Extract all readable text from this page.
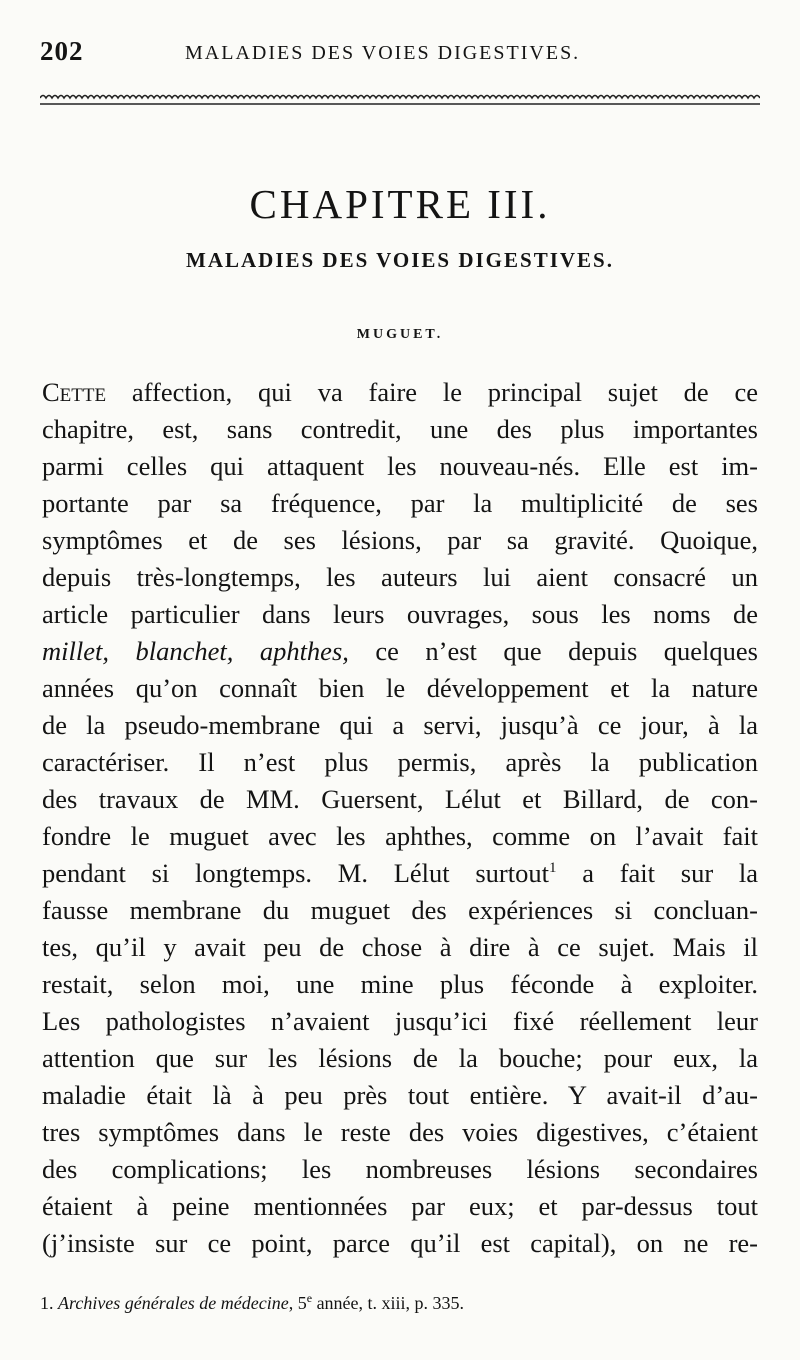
202	MALADIES DES VOIES DIGESTIVES.
CHAPITRE III.
MALADIES DES VOIES DIGESTIVES.
MUGUET.
Cette affection, qui va faire le principal sujet de ce
chapitre, est, sans contredit, une des plus importantes
parmi celles qui attaquent les nouveau-nés. Elle est im-
portante par sa fréquence, par la multiplicité de ses
symptômes et de ses lésions, par sa gravité. Quoique,
depuis très-longtemps, les auteurs lui aient consacré un
article particulier dans leurs ouvrages, sous les noms de
millet, blanchet, aphthes, ce n’est que depuis quelques
années qu’on connaît bien le développement et la nature
de la pseudo-membrane qui a servi, jusqu’à ce jour, à la
caractériser. Il n’est plus permis, après la publication
des travaux de MM. Guersent, Lélut et Billard, de con-
fondre le muguet avec les aphthes, comme on l’avait fait
pendant si longtemps. M. Lélut surtout$^1$ a fait sur la
fausse membrane du muguet des expériences si concluan-
tes, qu’il y avait peu de chose à dire à ce sujet. Mais il
restait, selon moi, une mine plus féconde à exploiter.
Les pathologistes n’avaient jusqu’ici fixé réellement leur
attention que sur les lésions de la bouche; pour eux, la
maladie était là à peu près tout entière. Y avait-il d’au-
tres symptômes dans le reste des voies digestives, c’étaient
des complications; les nombreuses lésions secondaires
étaient à peine mentionnées par eux; et par-dessus tout
(j’insiste sur ce point, parce qu’il est capital), on ne re-
1. Archives générales de médecine, 5e année, t. xiii, p. 335.
